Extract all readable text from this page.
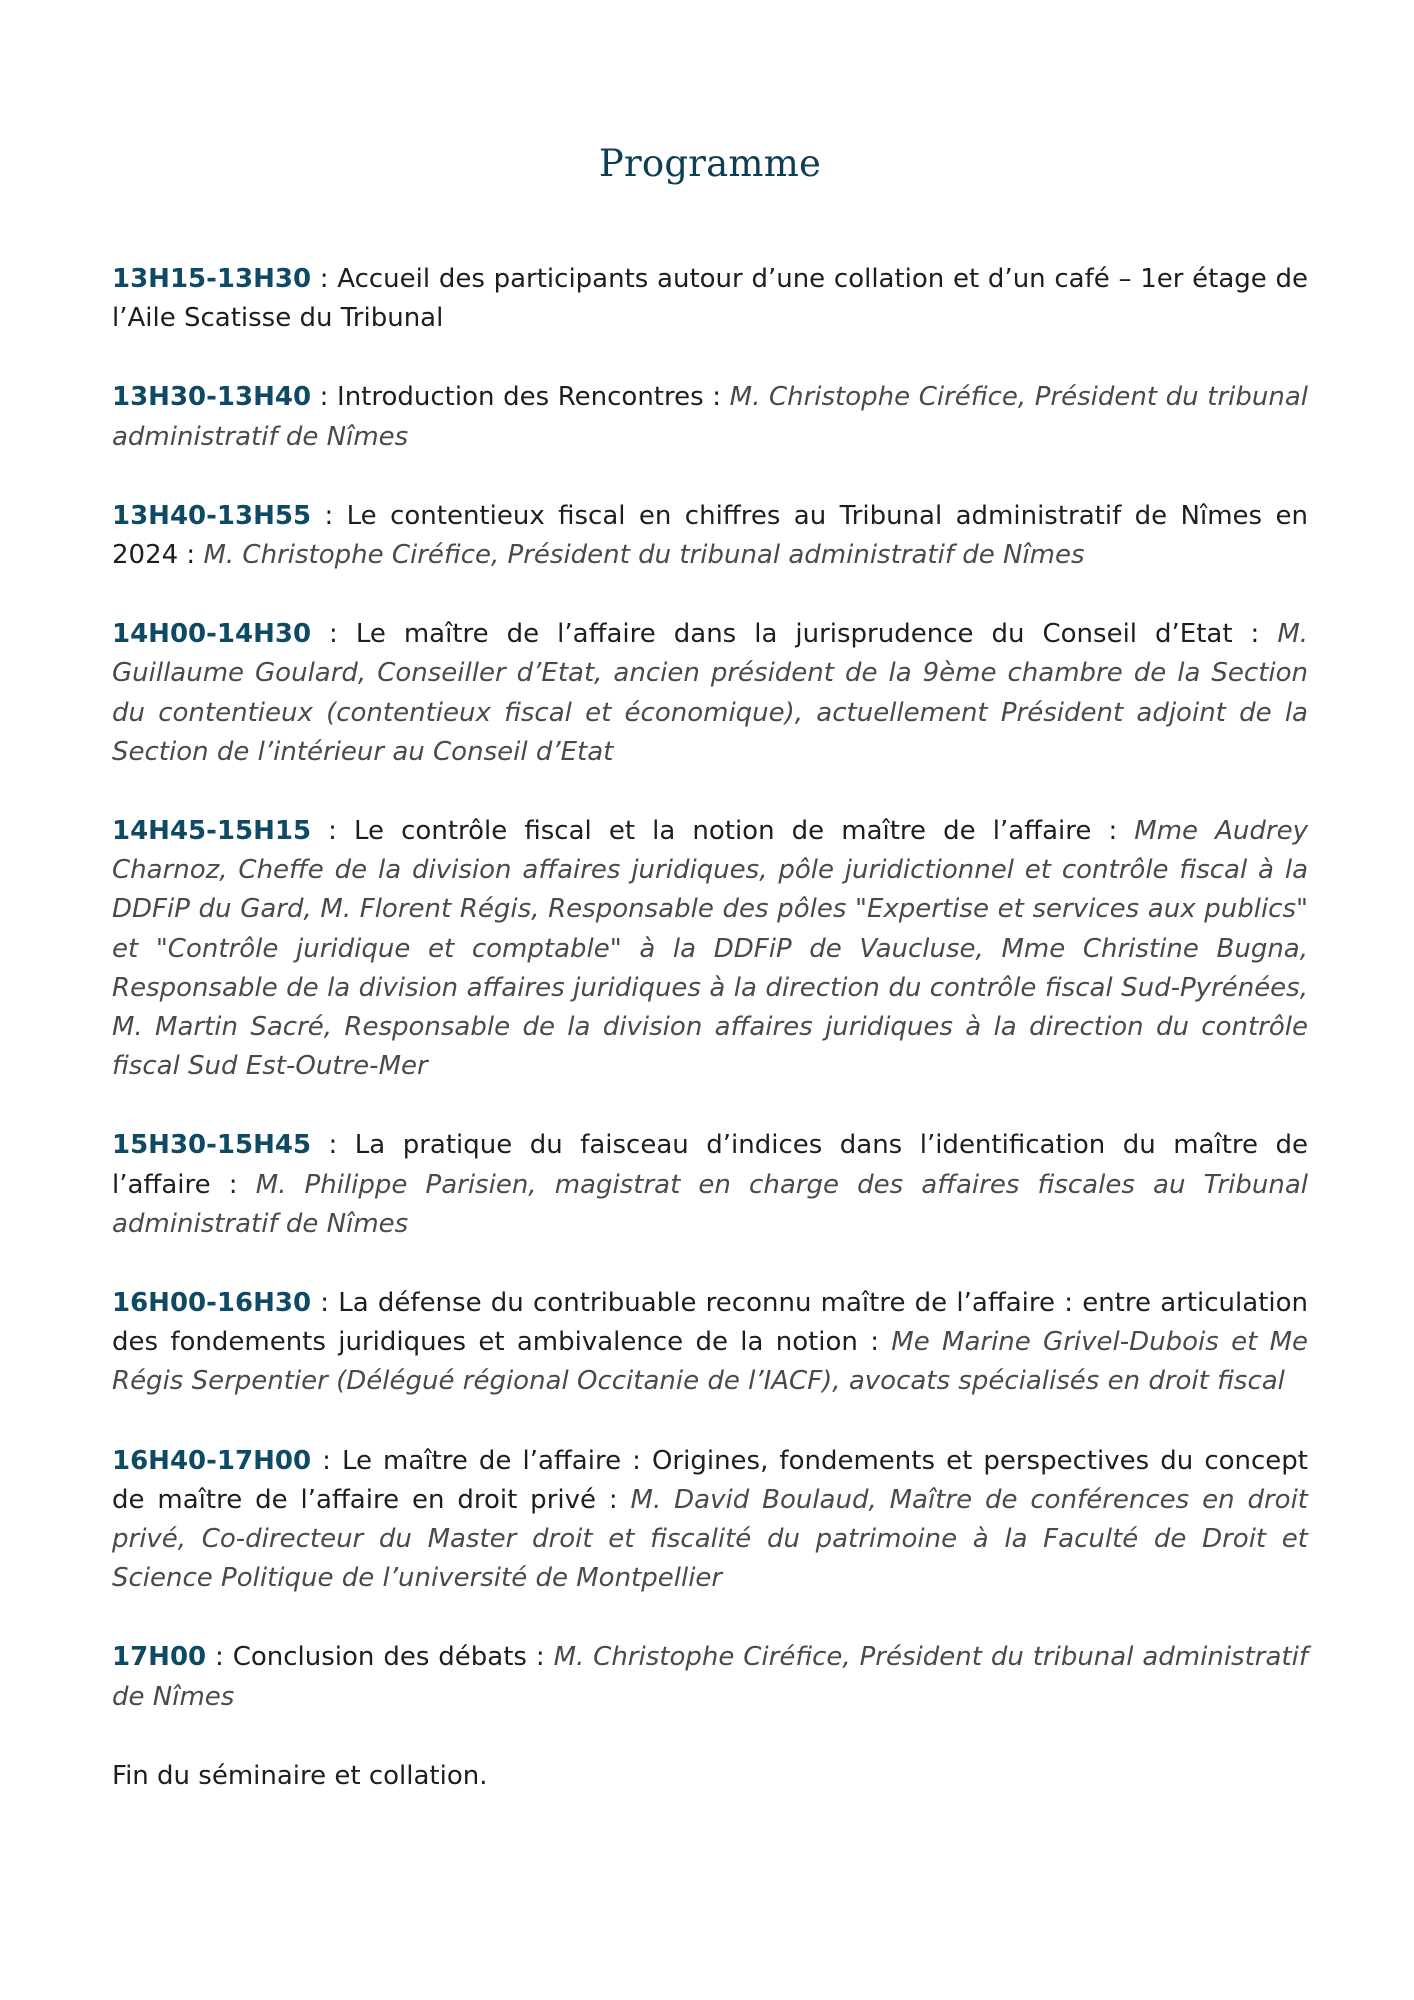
Programme

13H15-13H30 : Accueil des participants autour d’une collation et d’un café – 1er étage de l’Aile Scatisse du Tribunal

13H30-13H40 : Introduction des Rencontres : M. Christophe Ciréfice, Président du tribunal administratif de Nîmes

13H40-13H55 : Le contentieux fiscal en chiffres au Tribunal administratif de Nîmes en 2024 : M. Christophe Ciréfice, Président du tribunal administratif de Nîmes

14H00-14H30 : Le maître de l’affaire dans la jurisprudence du Conseil d’Etat : M. Guillaume Goulard, Conseiller d’Etat, ancien président de la 9ème chambre de la Section du contentieux (contentieux fiscal et économique), actuellement Président adjoint de la Section de l’intérieur au Conseil d’Etat

14H45-15H15 : Le contrôle fiscal et la notion de maître de l’affaire : Mme Audrey Charnoz, Cheffe de la division affaires juridiques, pôle juridictionnel et contrôle fiscal à la DDFiP du Gard, M. Florent Régis, Responsable des pôles "Expertise et services aux publics" et "Contrôle juridique et comptable" à la DDFiP de Vaucluse, Mme Christine Bugna, Responsable de la division affaires juridiques à la direction du contrôle fiscal Sud-Pyrénées, M. Martin Sacré, Responsable de la division affaires juridiques à la direction du contrôle fiscal Sud Est-Outre-Mer

15H30-15H45 : La pratique du faisceau d’indices dans l’identification du maître de l’affaire : M. Philippe Parisien, magistrat en charge des affaires fiscales au Tribunal administratif de Nîmes

16H00-16H30 : La défense du contribuable reconnu maître de l’affaire : entre articulation des fondements juridiques et ambivalence de la notion : Me Marine Grivel-Dubois et Me Régis Serpentier (Délégué régional Occitanie de l’IACF), avocats spécialisés en droit fiscal

16H40-17H00 : Le maître de l’affaire : Origines, fondements et perspectives du concept de maître de l’affaire en droit privé : M. David Boulaud, Maître de conférences en droit privé, Co-directeur du Master droit et fiscalité du patrimoine à la Faculté de Droit et Science Politique de l’université de Montpellier

17H00 : Conclusion des débats : M. Christophe Ciréfice, Président du tribunal administratif de Nîmes

Fin du séminaire et collation.
